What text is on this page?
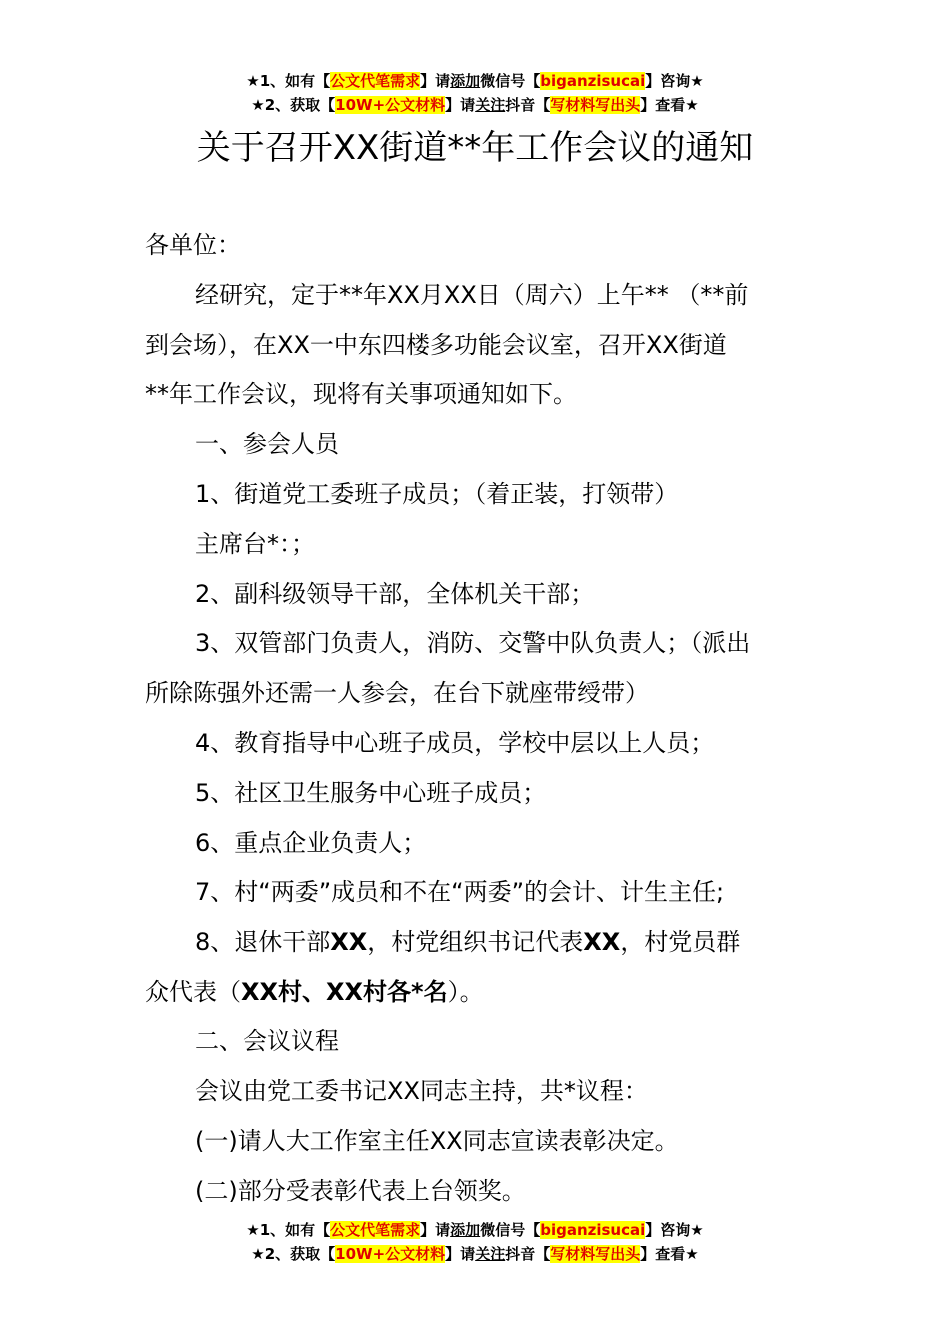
★1、如有【公文代笔需求】请添加微信号【biganzisucai】咨询★
★2、获取【10W+公文材料】请关注抖音【写材料写出头】查看★
关于召开XX街道**年工作会议的通知
各单位：
经研究，定于**年XX月XX日（周六）上午** （**前
到会场），在XX一中东四楼多功能会议室，召开XX街道
**年工作会议，现将有关事项通知如下。
一、参会人员
1、街道党工委班子成员；（着正装，打领带）
主席台*：；
2、副科级领导干部，全体机关干部；
3、双管部门负责人，消防、交警中队负责人；（派出
所除陈强外还需一人参会，在台下就座带绶带）
4、教育指导中心班子成员，学校中层以上人员；
5、社区卫生服务中心班子成员；
6、重点企业负责人；
7、村“两委”成员和不在“两委”的会计、计生主任;
8、退休干部XX，村党组织书记代表XX，村党员群
众代表（XX村、XX村各*名）。
二、会议议程
会议由党工委书记XX同志主持，共*议程：
(一)请人大工作室主任XX同志宣读表彰决定。
(二)部分受表彰代表上台领奖。
★1、如有【公文代笔需求】请添加微信号【biganzisucai】咨询★
★2、获取【10W+公文材料】请关注抖音【写材料写出头】查看★
